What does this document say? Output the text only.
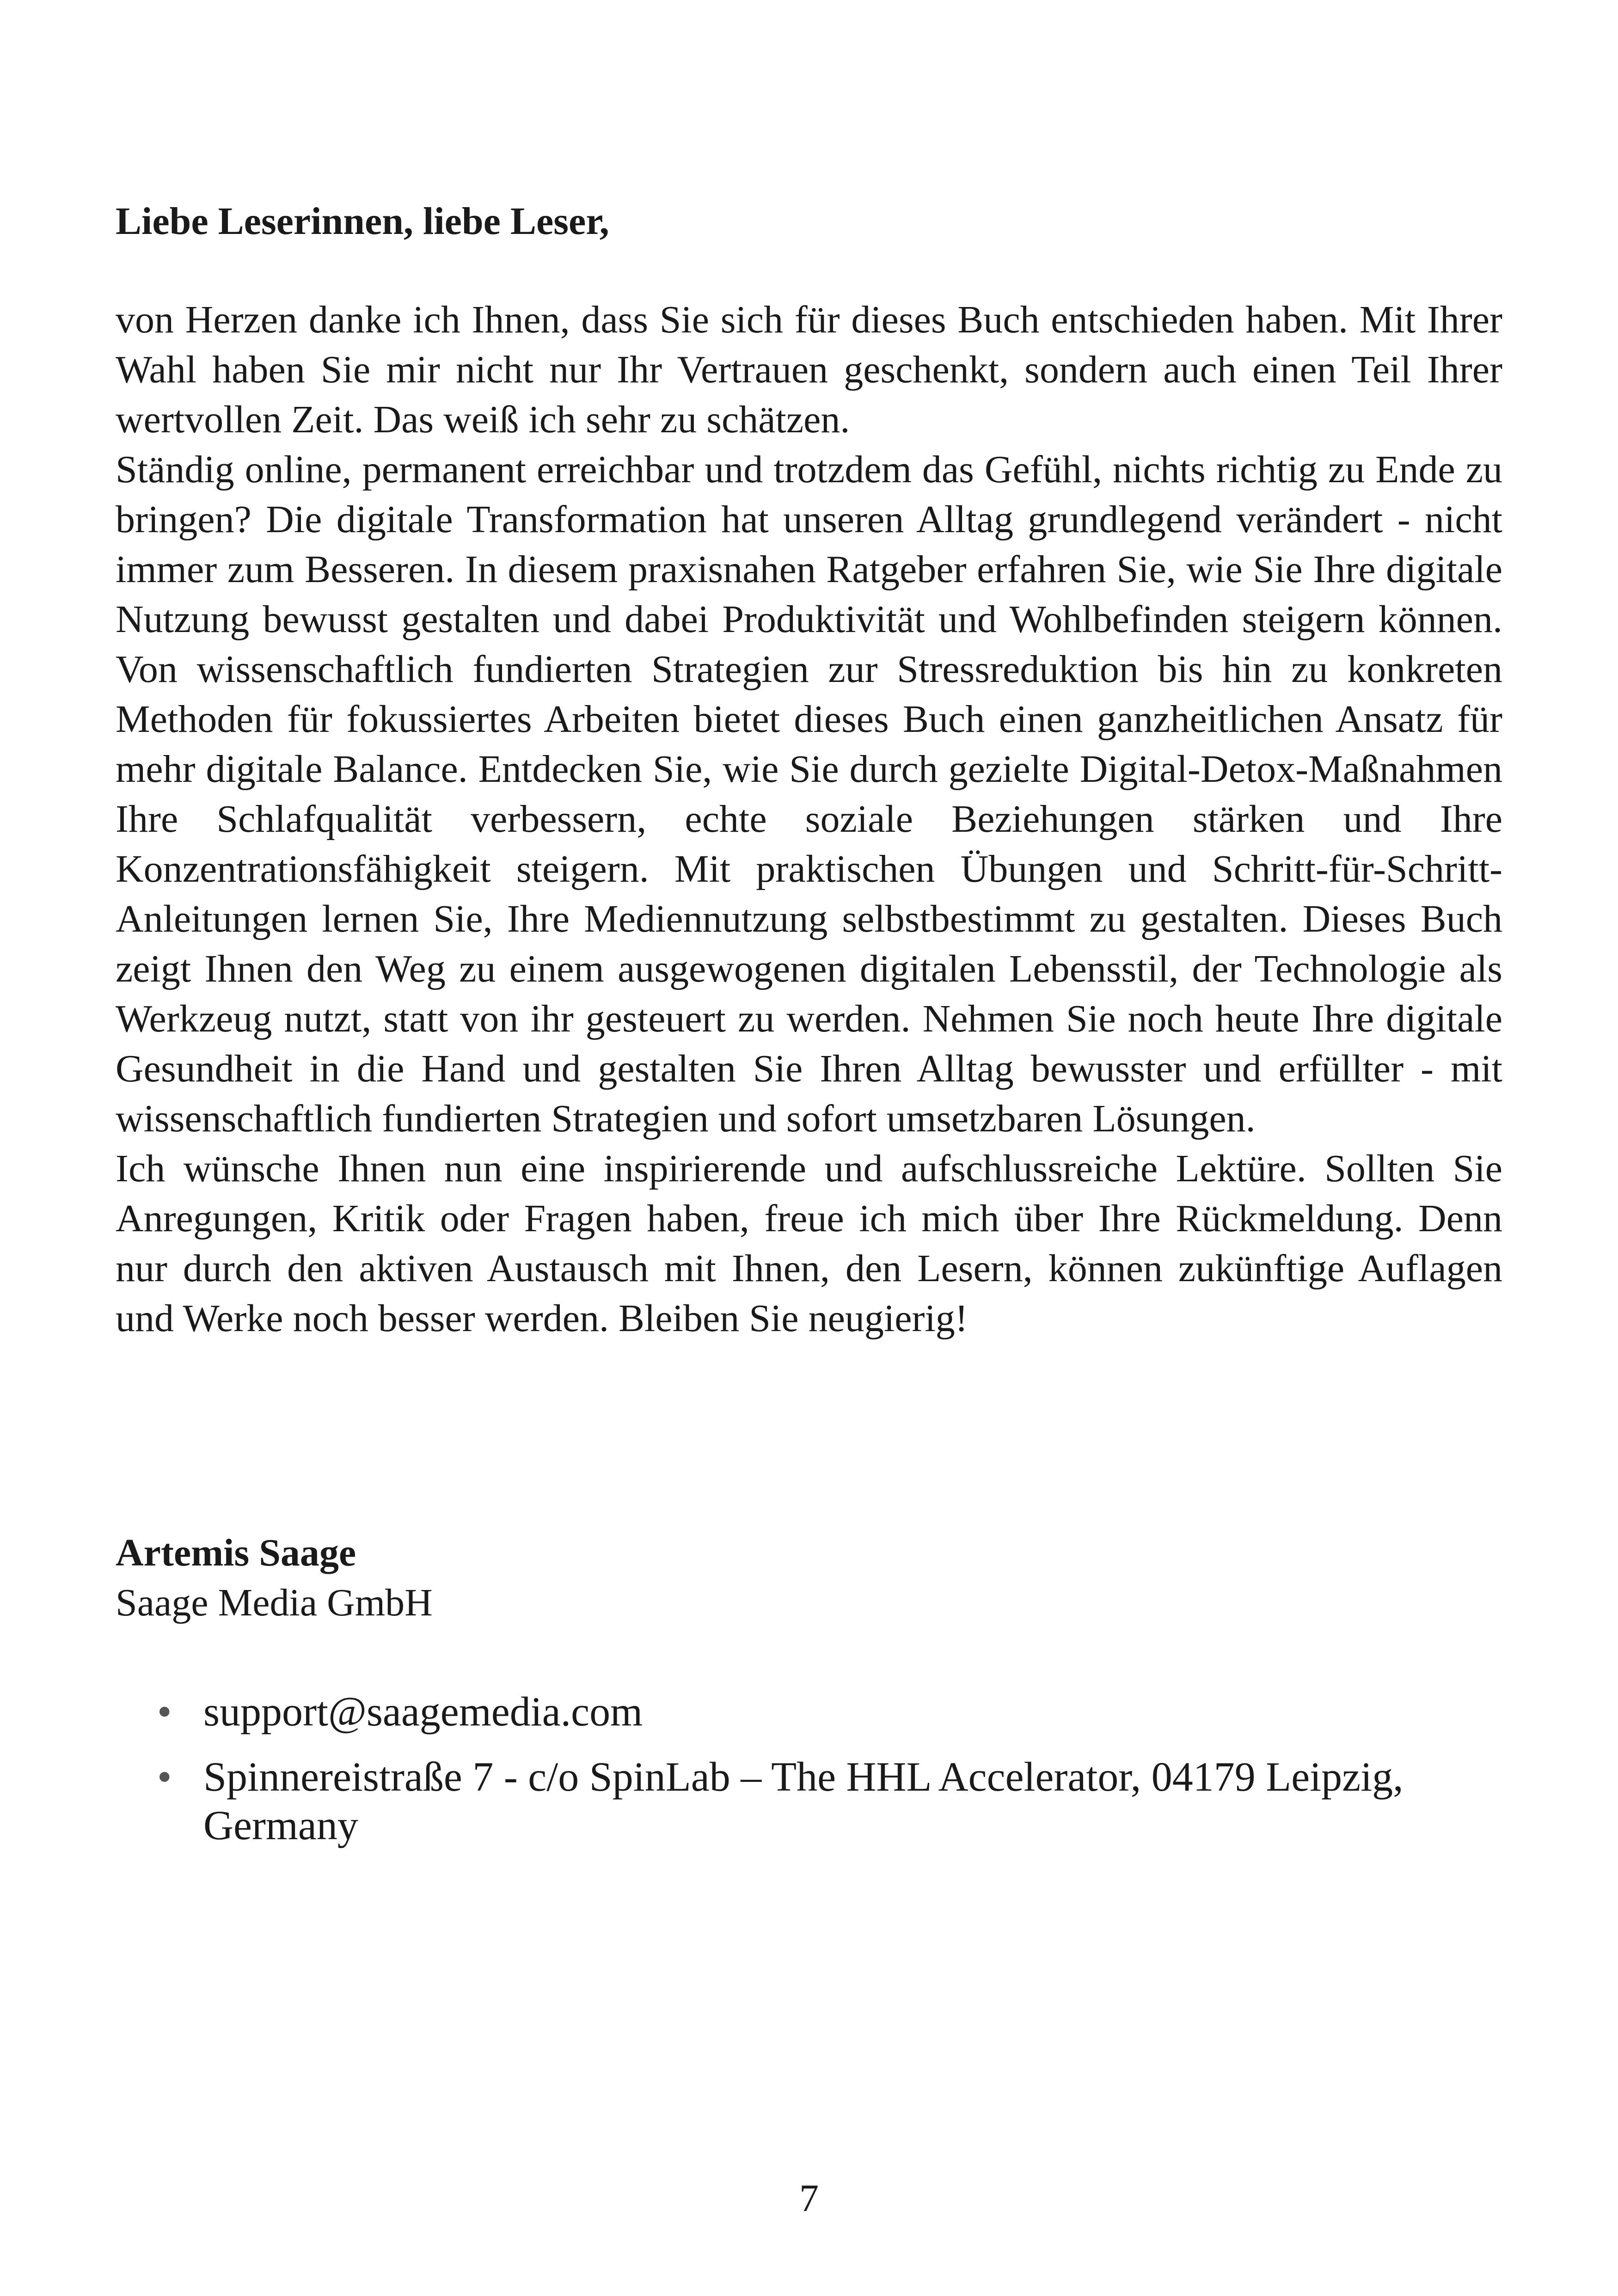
Liebe Leserinnen, liebe Leser,

von Herzen danke ich Ihnen, dass Sie sich für dieses Buch entschieden haben. Mit Ihrer Wahl haben Sie mir nicht nur Ihr Vertrauen geschenkt, sondern auch einen Teil Ihrer wertvollen Zeit. Das weiß ich sehr zu schätzen.

Ständig online, permanent erreichbar und trotzdem das Gefühl, nichts richtig zu Ende zu bringen? Die digitale Transformation hat unseren Alltag grundlegend verändert - nicht immer zum Besseren. In diesem praxisnahen Ratgeber erfahren Sie, wie Sie Ihre digitale Nutzung bewusst gestalten und dabei Produktivität und Wohlbefinden steigern können. Von wissenschaftlich fundierten Strategien zur Stressreduktion bis hin zu konkreten Methoden für fokussiertes Arbeiten bietet dieses Buch einen ganzheitlichen Ansatz für mehr digitale Balance. Entdecken Sie, wie Sie durch gezielte Digital-Detox-Maßnahmen Ihre Schlafqualität verbessern, echte soziale Beziehungen stärken und Ihre Konzentrationsfähigkeit steigern. Mit praktischen Übungen und Schritt-für-Schritt-Anleitungen lernen Sie, Ihre Mediennutzung selbstbestimmt zu gestalten. Dieses Buch zeigt Ihnen den Weg zu einem ausgewogenen digitalen Lebensstil, der Technologie als Werkzeug nutzt, statt von ihr gesteuert zu werden. Nehmen Sie noch heute Ihre digitale Gesundheit in die Hand und gestalten Sie Ihren Alltag bewusster und erfüllter - mit wissenschaftlich fundierten Strategien und sofort umsetzbaren Lösungen.

Ich wünsche Ihnen nun eine inspirierende und aufschlussreiche Lektüre. Sollten Sie Anregungen, Kritik oder Fragen haben, freue ich mich über Ihre Rückmeldung. Denn nur durch den aktiven Austausch mit Ihnen, den Lesern, können zukünftige Auflagen und Werke noch besser werden. Bleiben Sie neugierig!

Artemis Saage
Saage Media GmbH
• support@saagemedia.com
• Spinnereistraße 7 - c/o SpinLab – The HHL Accelerator, 04179 Leipzig, Germany
7
